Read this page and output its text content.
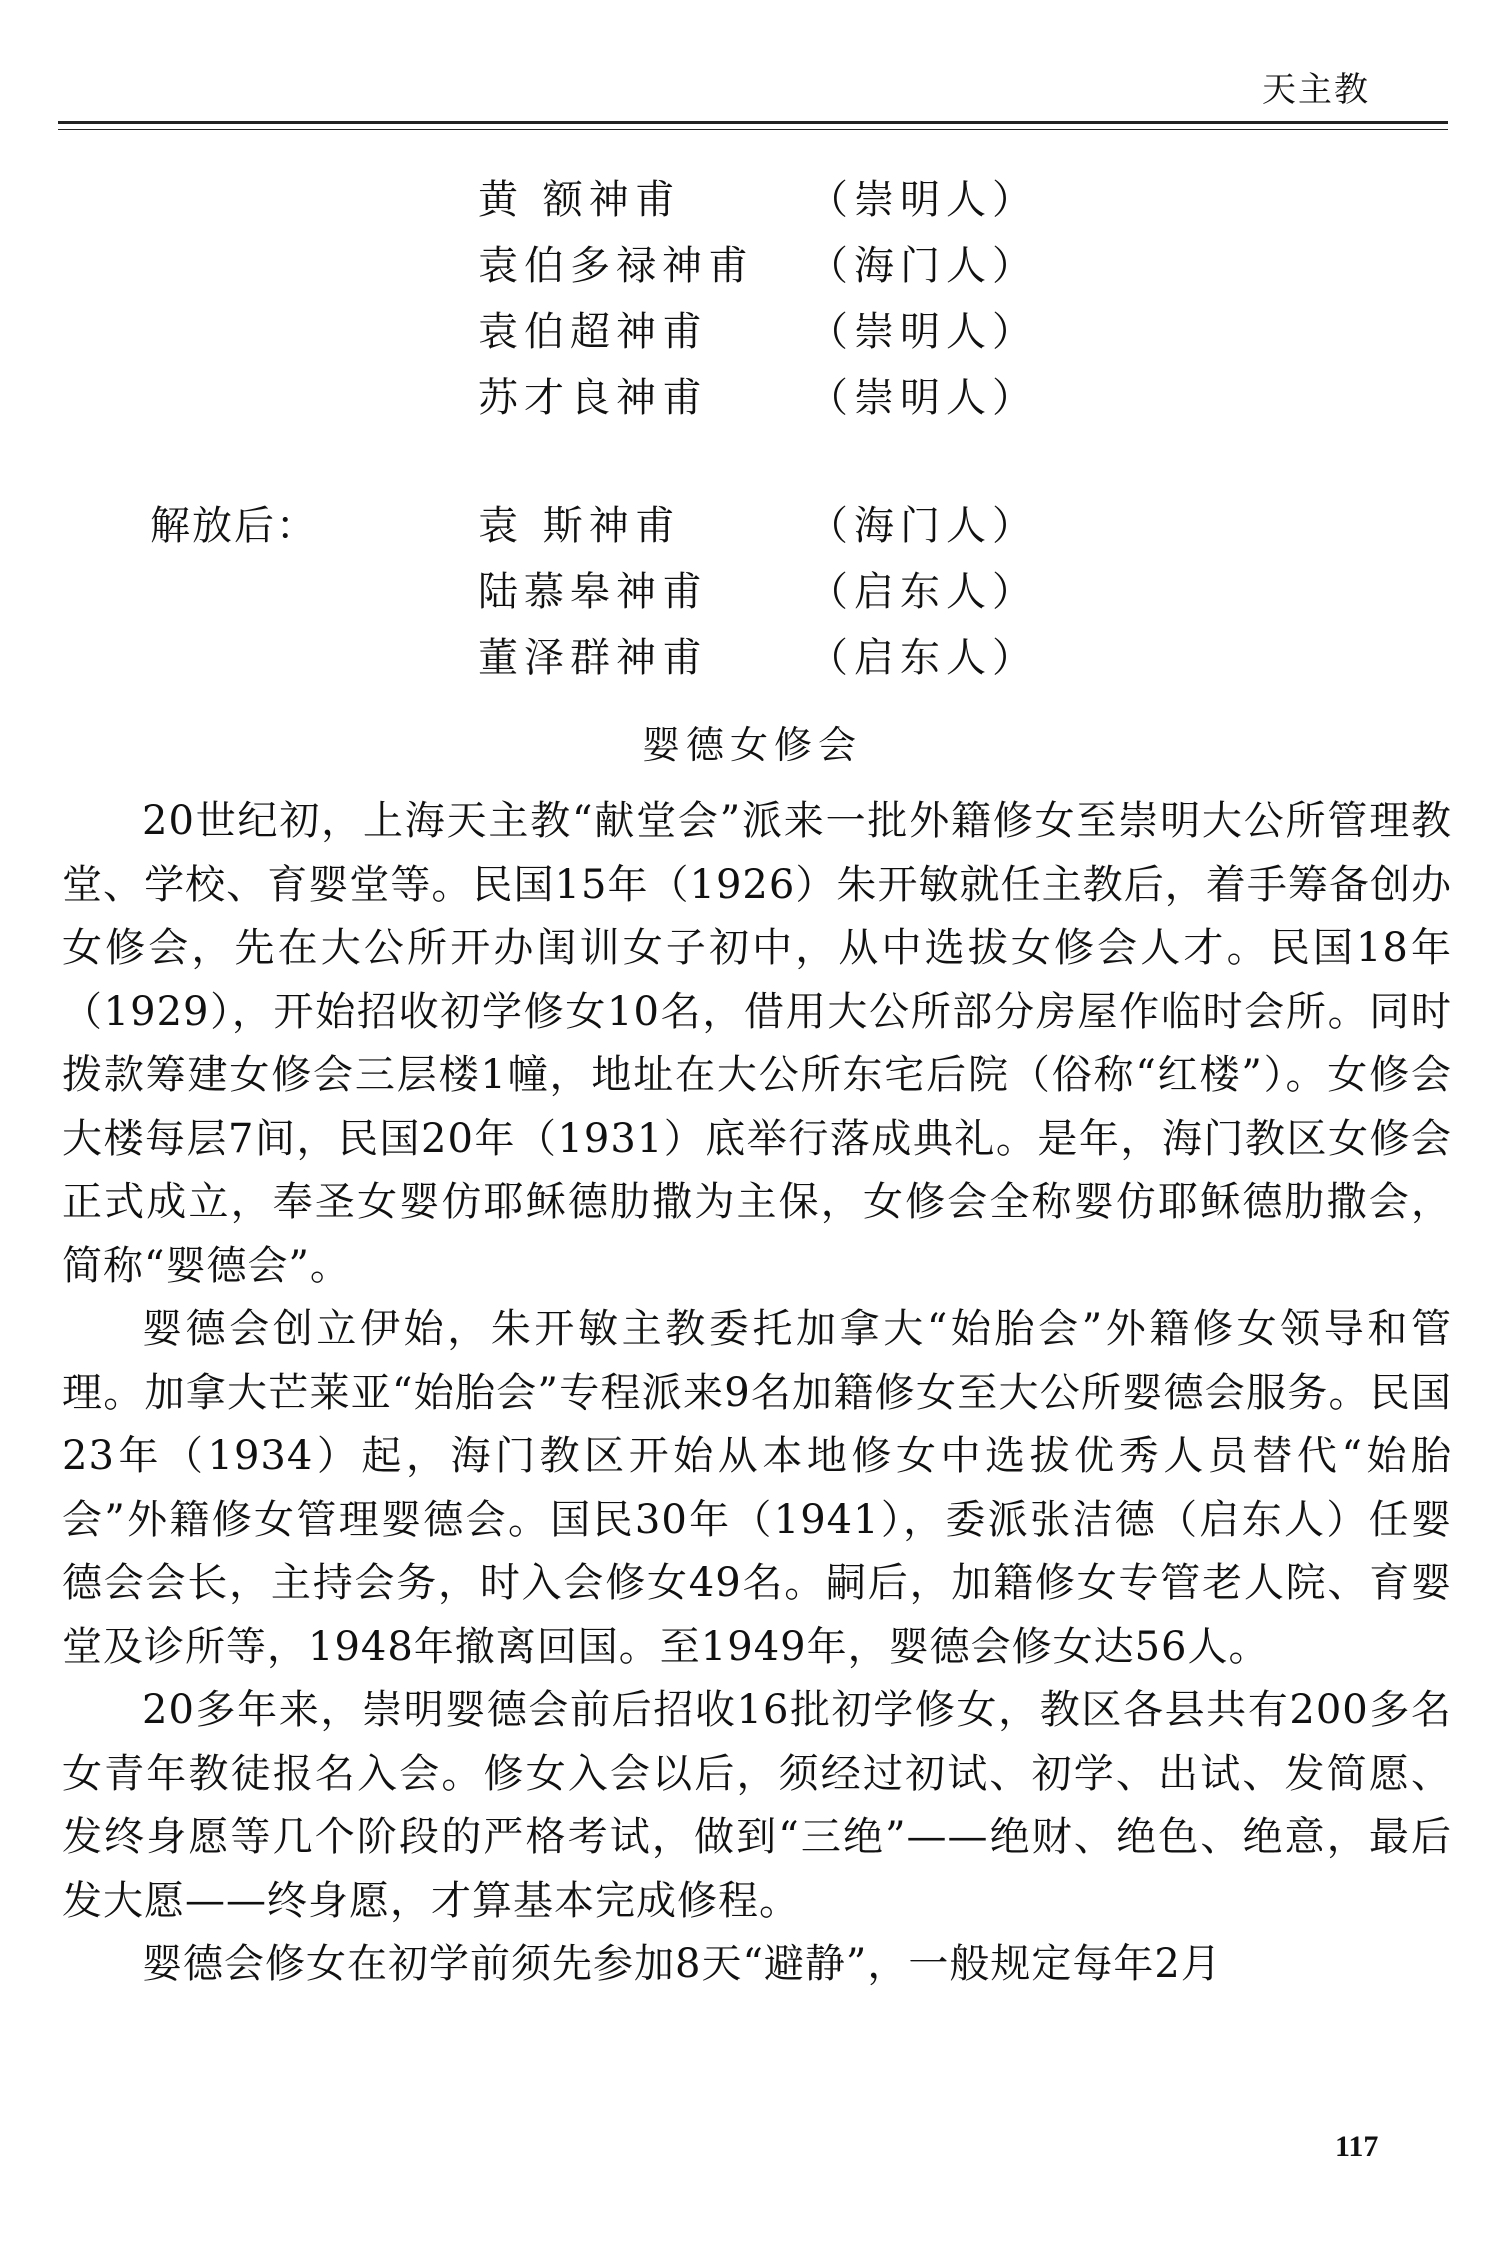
天主教
黄 额神甫	（崇明人）
袁伯多禄神甫	（海门人）
袁伯超神甫	（崇明人）
苏才良神甫	（崇明人）
解放后：	袁 斯神甫	（海门人）
陆慕皋神甫	（启东人）
董泽群神甫	（启东人）
婴德女修会

20世纪初，上海天主教“献堂会”派来一批外籍修女至崇明大公所管理教堂、学校、育婴堂等。民国15年（1926）朱开敏就任主教后，着手筹备创办女修会，先在大公所开办闺训女子初中，从中选拔女修会人才。民国18年（1929），开始招收初学修女10名，借用大公所部分房屋作临时会所。同时拨款筹建女修会三层楼1幢，地址在大公所东宅后院（俗称“红楼”）。女修会大楼每层7间，民国20年（1931）底举行落成典礼。是年，海门教区女修会正式成立，奉圣女婴仿耶稣德肋撒为主保，女修会全称婴仿耶稣德肋撒会，简称“婴德会”。

婴德会创立伊始，朱开敏主教委托加拿大“始胎会”外籍修女领导和管理。加拿大芒莱亚“始胎会”专程派来9名加籍修女至大公所婴德会服务。民国23年（1934）起，海门教区开始从本地修女中选拔优秀人员替代“始胎会”外籍修女管理婴德会。国民30年（1941），委派张洁德（启东人）任婴德会会长，主持会务，时入会修女49名。嗣后，加籍修女专管老人院、育婴堂及诊所等，1948年撤离回国。至1949年，婴德会修女达56人。

20多年来，崇明婴德会前后招收16批初学修女，教区各县共有200多名女青年教徒报名入会。修女入会以后，须经过初试、初学、出试、发简愿、发终身愿等几个阶段的严格考试，做到“三绝”——绝财、绝色、绝意，最后发大愿——终身愿，才算基本完成修程。

婴德会修女在初学前须先参加8天“避静”，一般规定每年2月

117
